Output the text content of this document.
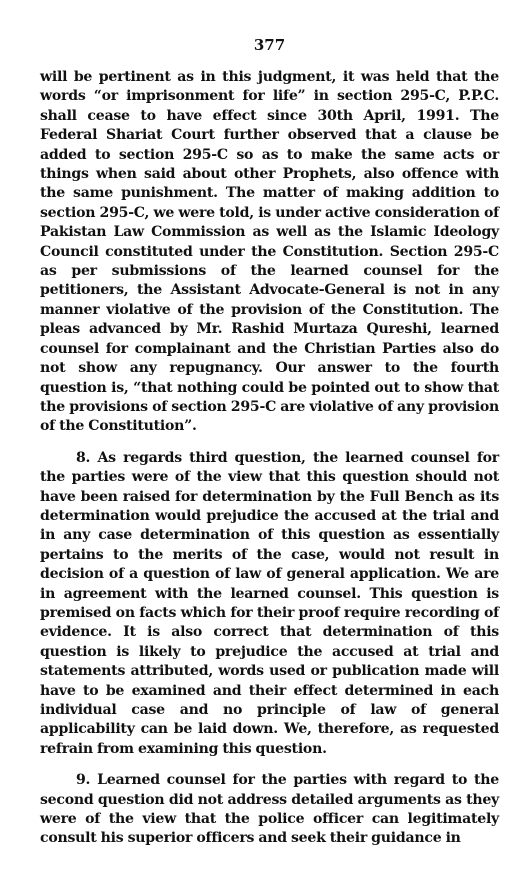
377

will be pertinent as in this judgment, it was held that the words “or imprisonment for life” in section 295-C, P.P.C. shall cease to have effect since 30th April, 1991. The Federal Shariat Court further observed that a clause be added to section 295-C so as to make the same acts or things when said about other Prophets, also offence with the same punishment. The matter of making addition to section 295-C, we were told, is under active consideration of Pakistan Law Commission as well as the Islamic Ideology Council constituted under the Constitution. Section 295-C as per submissions of the learned counsel for the petitioners, the Assistant Advocate-General is not in any manner violative of the provision of the Constitution. The pleas advanced by Mr. Rashid Murtaza Qureshi, learned counsel for complainant and the Christian Parties also do not show any repugnancy. Our answer to the fourth question is, “that nothing could be pointed out to show that the provisions of section 295-C are violative of any provision of the Constitution”.

8. As regards third question, the learned counsel for the parties were of the view that this question should not have been raised for determination by the Full Bench as its determination would prejudice the accused at the trial and in any case determination of this question as essentially pertains to the merits of the case, would not result in decision of a question of law of general application. We are in agreement with the learned counsel. This question is premised on facts which for their proof require recording of evidence. It is also correct that determination of this question is likely to prejudice the accused at trial and statements attributed, words used or publication made will have to be examined and their effect determined in each individual case and no principle of law of general applicability can be laid down. We, therefore, as requested refrain from examining this question.

9. Learned counsel for the parties with regard to the second question did not address detailed arguments as they were of the view that the police officer can legitimately consult his superior officers and seek their guidance in
